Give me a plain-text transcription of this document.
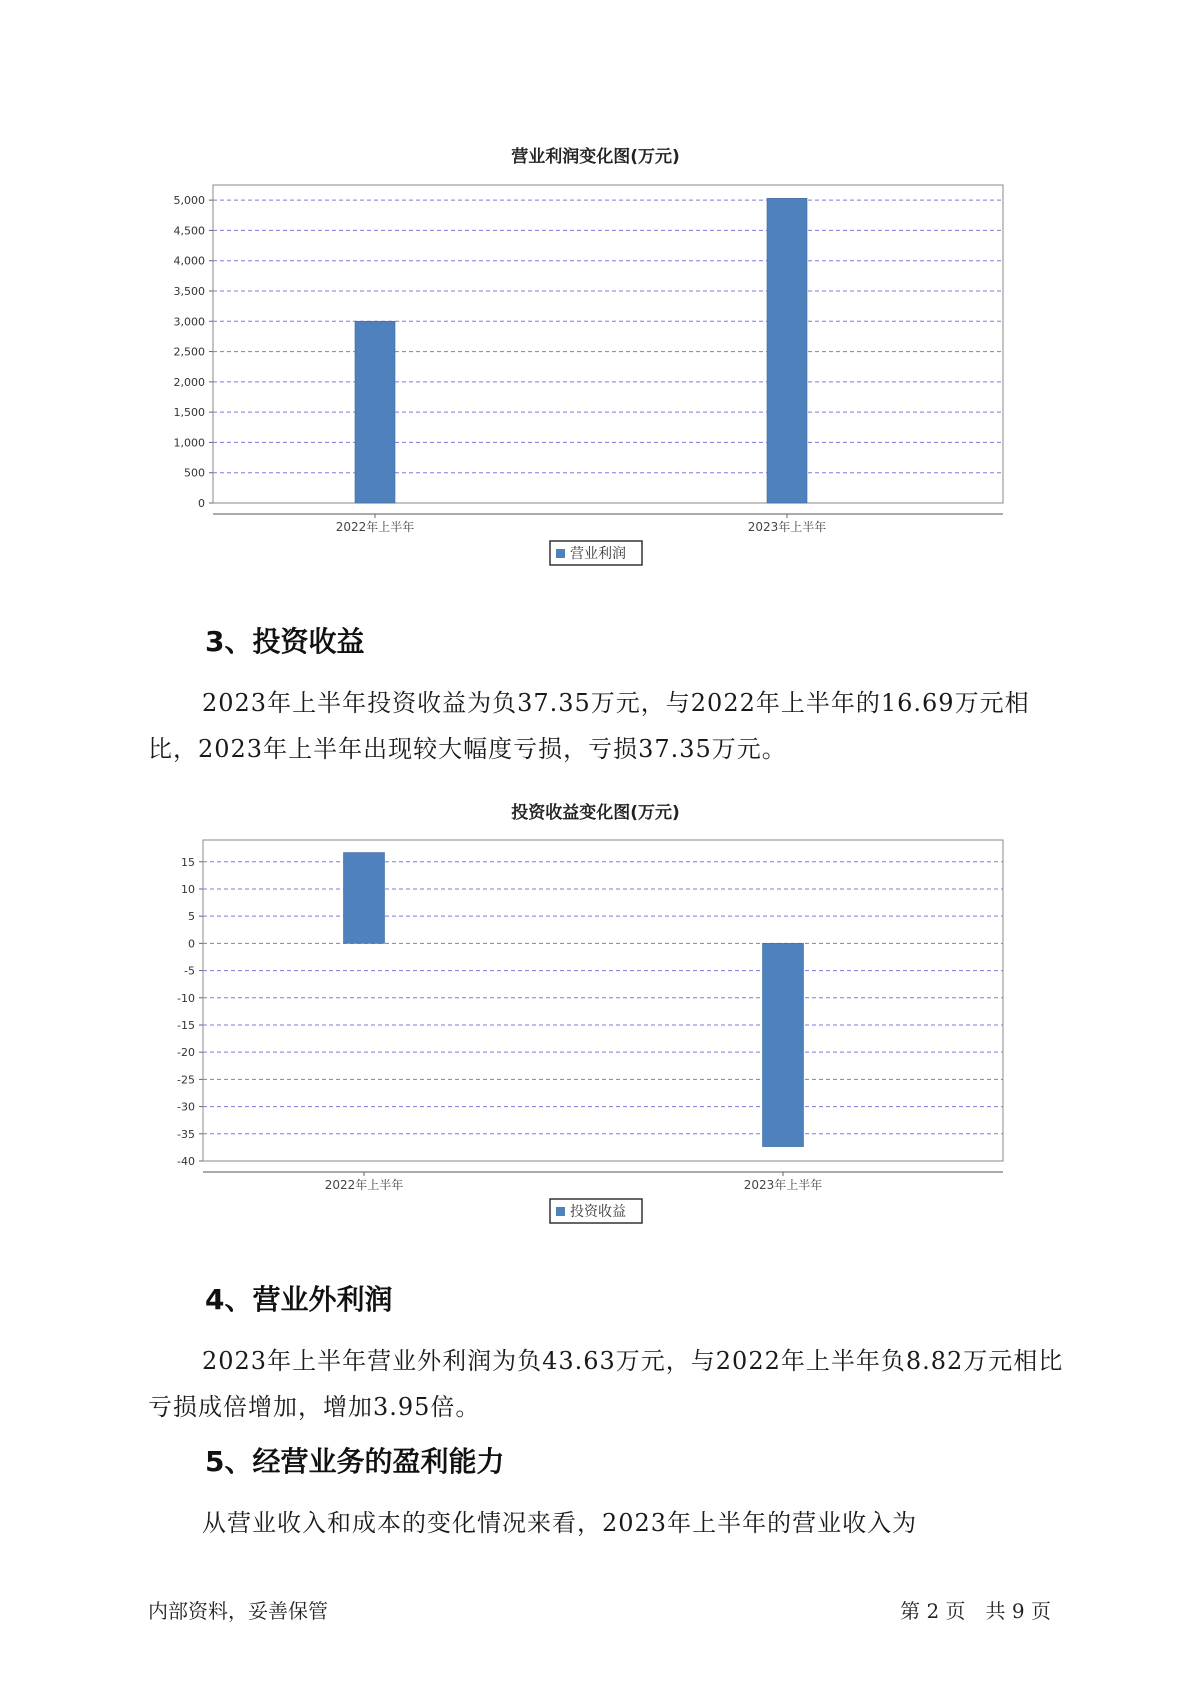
营业利润变化图(万元)
0
500
1,000
1,500
2,000
2,500
3,000
3,500
4,000
4,500
5,000
2022年上半年	2023年上半年
营业利润
3、投资收益

2023年上半年投资收益为负37.35万元，与2022年上半年的16.69万元相比，2023年上半年出现较大幅度亏损，亏损37.35万元。

投资收益变化图(万元)
15
10
5
0
-5
-10
-15
-20
-25
-30
-35
-40
2022年上半年	2023年上半年
投资收益
4、营业外利润

2023年上半年营业外利润为负43.63万元，与2022年上半年负8.82万元相比亏损成倍增加，增加3.95倍。

5、经营业务的盈利能力

从营业收入和成本的变化情况来看，2023年上半年的营业收入为

内部资料，妥善保管	第 2 页　共 9 页
